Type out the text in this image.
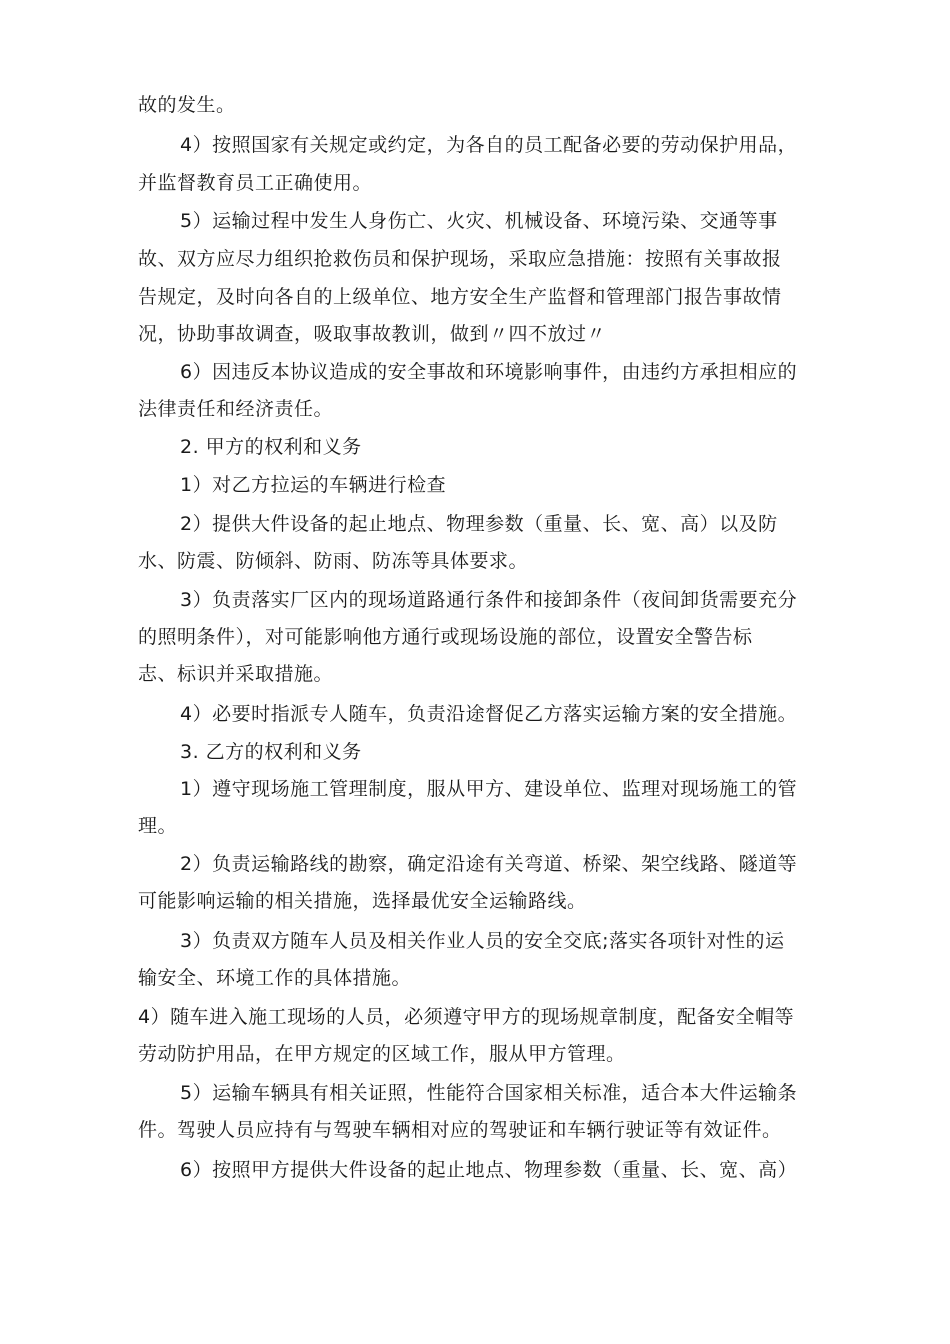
故的发生。
4）按照国家有关规定或约定，为各自的员工配备必要的劳动保护用品，
并监督教育员工正确使用。
5）运输过程中发生人身伤亡、火灾、机械设备、环境污染、交通等事
故、双方应尽力组织抢救伤员和保护现场，采取应急措施：按照有关事故报
告规定，及时向各自的上级单位、地方安全生产监督和管理部门报告事故情
况，协助事故调查，吸取事故教训，做到〃四不放过〃
6）因违反本协议造成的安全事故和环境影响事件，由违约方承担相应的
法律责任和经济责任。
2. 甲方的权利和义务
1）对乙方拉运的车辆进行检查
2）提供大件设备的起止地点、物理参数（重量、长、宽、高）以及防
水、防震、防倾斜、防雨、防冻等具体要求。
3）负责落实厂区内的现场道路通行条件和接卸条件（夜间卸货需要充分
的照明条件），对可能影响他方通行或现场设施的部位，设置安全警告标
志、标识并采取措施。
4）必要时指派专人随车，负责沿途督促乙方落实运输方案的安全措施。
3. 乙方的权利和义务
1）遵守现场施工管理制度，服从甲方、建设单位、监理对现场施工的管
理。
2）负责运输路线的勘察，确定沿途有关弯道、桥梁、架空线路、隧道等
可能影响运输的相关措施，选择最优安全运输路线。
3）负责双方随车人员及相关作业人员的安全交底;落实各项针对性的运
输安全、环境工作的具体措施。
4）随车进入施工现场的人员，必须遵守甲方的现场规章制度，配备安全帽等
劳动防护用品，在甲方规定的区域工作，服从甲方管理。
5）运输车辆具有相关证照，性能符合国家相关标准，适合本大件运输条
件。驾驶人员应持有与驾驶车辆相对应的驾驶证和车辆行驶证等有效证件。
6）按照甲方提供大件设备的起止地点、物理参数（重量、长、宽、高）
